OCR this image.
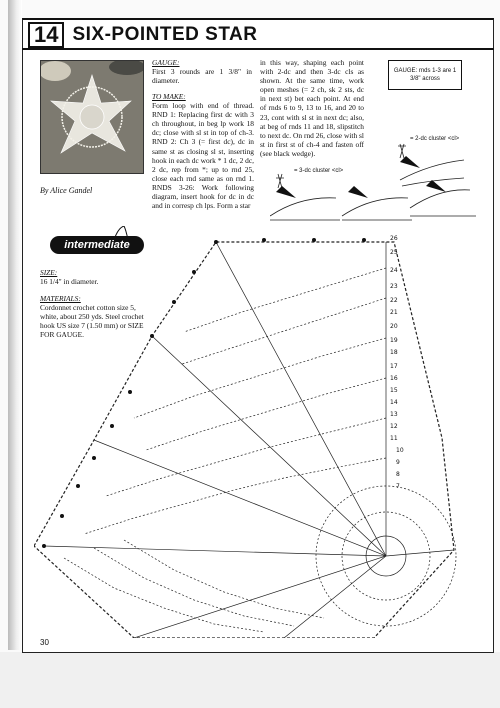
14 SIX-POINTED STAR
By Alice Gandel
intermediate
SIZE:
16 1/4" in diameter.
MATERIALS:
Cordonnet crochet cotton size 5, white, about 250 yds. Steel crochet hook US size 7 (1.50 mm) or SIZE FOR GAUGE.
GAUGE:
First 3 rounds are 1 3/8" in diameter.
TO MAKE:
Form loop with end of thread. RND 1: Replacing first dc with 3 ch throughout, in beg lp work 18 dc; close with sl st in top of ch-3. RND 2: Ch 3 (= first dc), dc in same st as closing sl st, inserting hook in each dc work * 1 dc, 2 dc, 2 dc, rep from *; up to rnd 25, close each rnd same as on rnd 1. RNDS 3-26: Work following diagram, insert hook for dc in dc and in corresp ch lps. Form a star
in this way, shaping each point with 2-dc and then 3-dc cls as shown. At the same time, work open meshes (= 2 ch, sk 2 sts, dc in next st) bet each point. At end of rnds 6 to 9, 13 to 16, and 20 to 23, cont with sl st in next dc; also, at beg of rnds 11 and 18, slipstitch to next dc. On rnd 26, close with sl st in first st of ch-4 and fasten off (see black wedge).
GAUGE: rnds 1-3 are 1 3/8" across
= 2-dc cluster <cl>
= 3-dc cluster <cl>
26
25
24
23
22
21
20
19
18
17
16
15
14
13
12
11
10
9
8
7
30
